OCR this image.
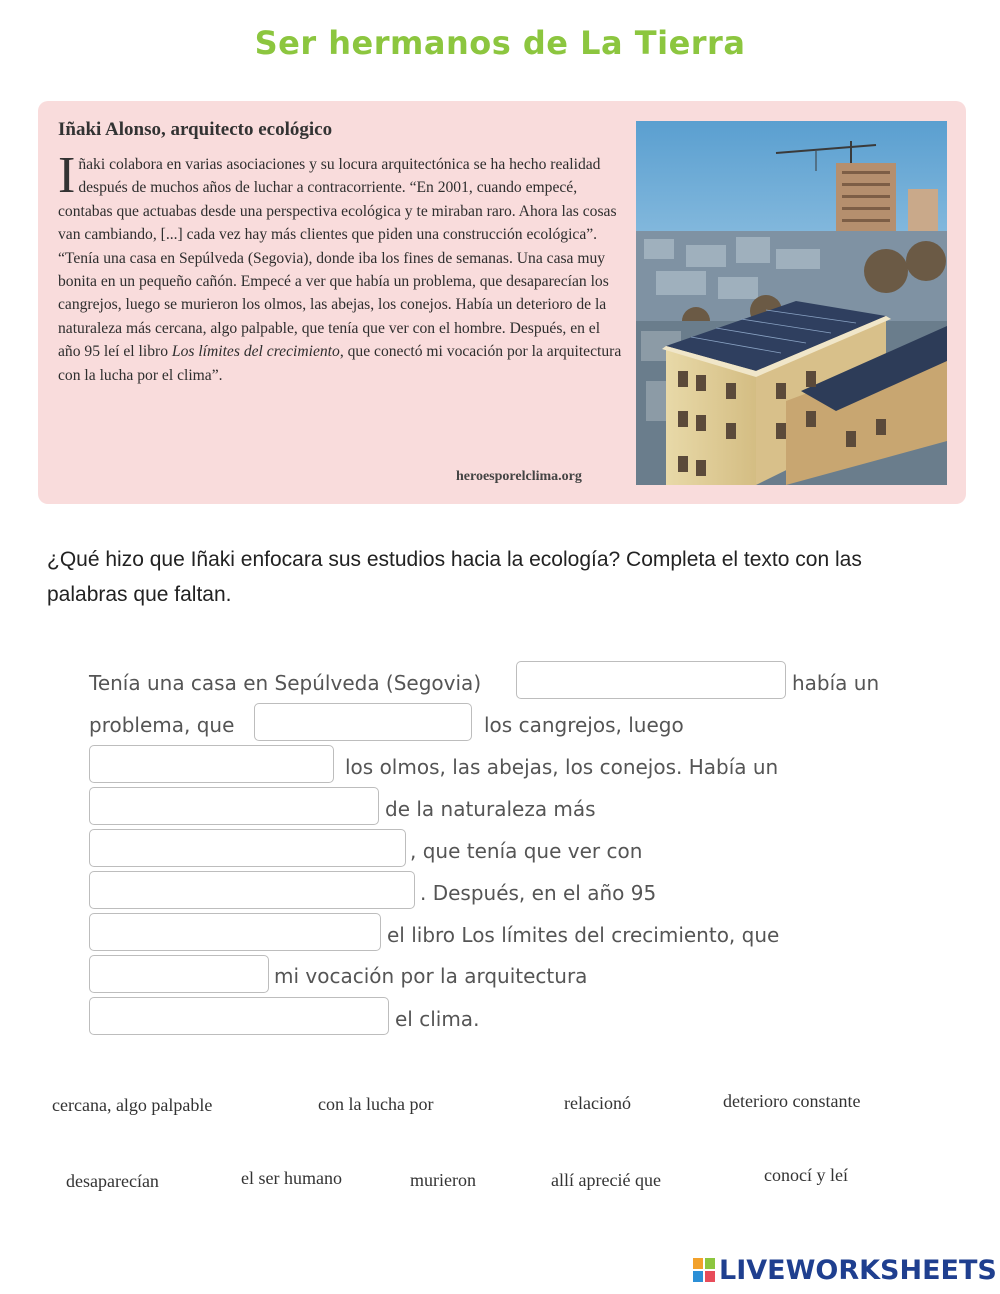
Ser hermanos de La Tierra
Iñaki Alonso, arquitecto ecológico
Iñaki colabora en varias asociaciones y su locura arquitectónica se ha hecho realidad después de muchos años de luchar a contracorriente. “En 2001, cuando empecé, contabas que actuabas desde una perspectiva ecológica y te miraban raro. Ahora las cosas van cambiando, [...] cada vez hay más clientes que piden una construcción ecológica”. “Tenía una casa en Sepúlveda (Segovia), donde iba los fines de semanas. Una casa muy bonita en un pequeño cañón. Empecé a ver que había un problema, que desaparecían los cangrejos, luego se murieron los olmos, las abejas, los conejos. Había un deterioro de la naturaleza más cercana, algo palpable, que tenía que ver con el hombre. Después, en el año 95 leí el libro Los límites del crecimiento, que conectó mi vocación por la arquitectura con la lucha por el clima”.
heroesporelclima.org
¿Qué hizo que Iñaki enfocara sus estudios hacia la ecología? Completa el texto con las palabras que faltan.
Tenía una casa en Sepúlveda (Segovia)	había un
problema, que	los cangrejos, luego
los olmos, las abejas, los conejos. Había un
de la naturaleza más
, que tenía que ver con
. Después, en el año 95
el libro Los límites del crecimiento, que
mi vocación por la arquitectura
el clima.
cercana, algo palpable	con la lucha por	relacionó	deterioro constante
desaparecían	el ser humano	murieron	allí aprecié que	conocí y leí
LIVEWORKSHEETS
